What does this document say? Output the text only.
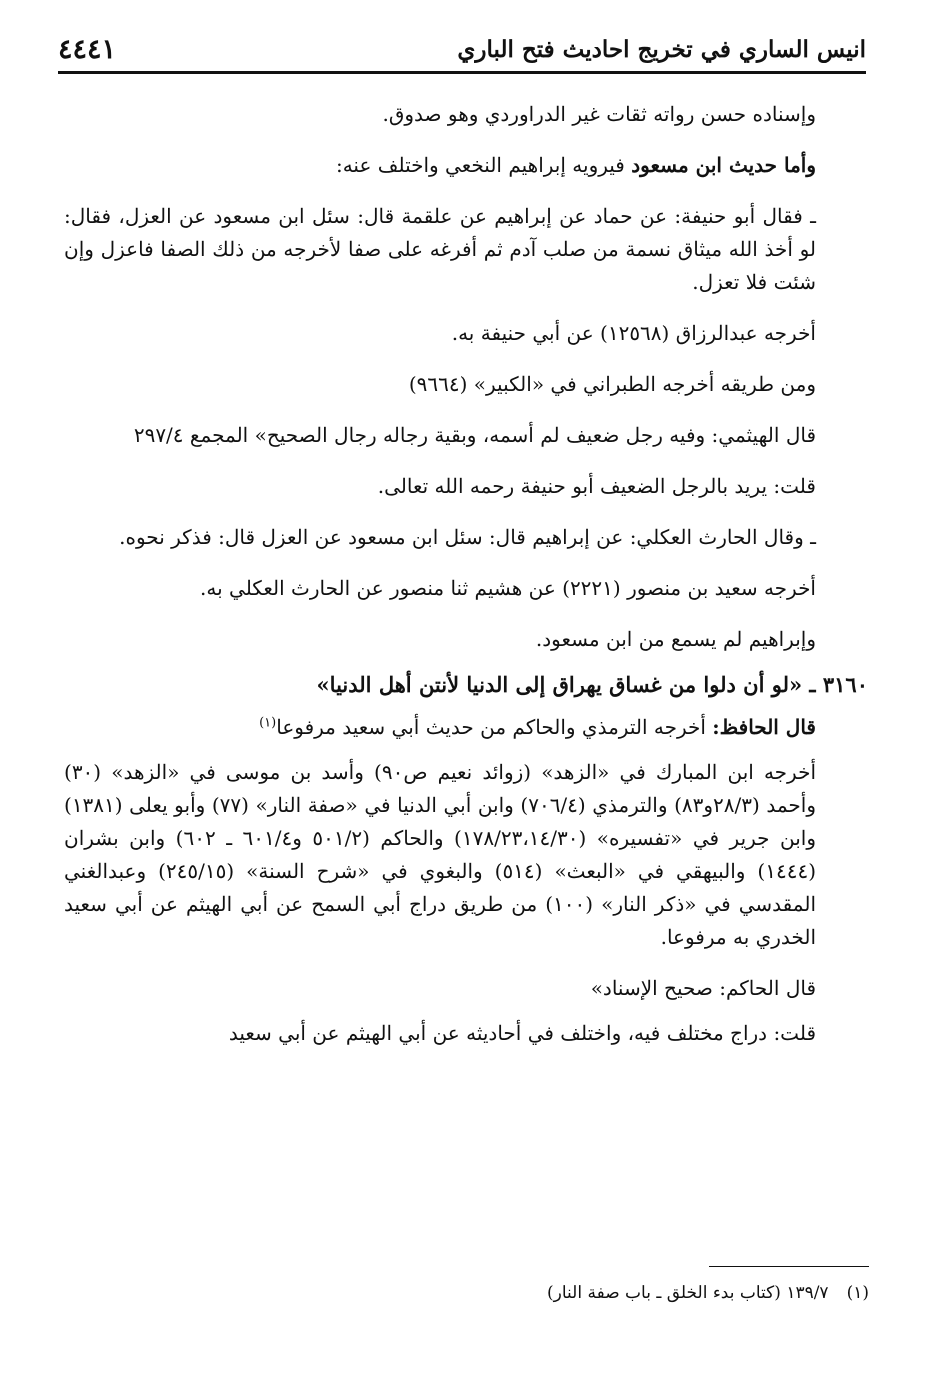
انيس الساري في تخريج احاديث فتح الباري
٤٤٤١

وإسناده حسن رواته ثقات غير الدراوردي وهو صدوق.

وأما حديث ابن مسعود فيرويه إبراهيم النخعي واختلف عنه:

ـ فقال أبو حنيفة: عن حماد عن إبراهيم عن علقمة قال: سئل ابن مسعود عن العزل، فقال: لو أخذ الله ميثاق نسمة من صلب آدم ثم أفرغه على صفا لأخرجه من ذلك الصفا فاعزل وإن شئت فلا تعزل.

أخرجه عبدالرزاق (١٢٥٦٨) عن أبي حنيفة به.

ومن طريقه أخرجه الطبراني في «الكبير» (٩٦٦٤)

قال الهيثمي: وفيه رجل ضعيف لم أسمه، وبقية رجاله رجال الصحيح» المجمع ٢٩٧/٤

قلت: يريد بالرجل الضعيف أبو حنيفة رحمه الله تعالى.

ـ وقال الحارث العكلي: عن إبراهيم قال: سئل ابن مسعود عن العزل قال: فذكر نحوه.

أخرجه سعيد بن منصور (٢٢٢١) عن هشيم ثنا منصور عن الحارث العكلي به.

وإبراهيم لم يسمع من ابن مسعود.

٣١٦٠ ـ «لو أن دلوا من غساق يهراق إلى الدنيا لأنتن أهل الدنيا»

قال الحافظ: أخرجه الترمذي والحاكم من حديث أبي سعيد مرفوعا$^{(١)}$

أخرجه ابن المبارك في «الزهد» (زوائد نعيم ص٩٠) وأسد بن موسى في «الزهد» (٣٠) وأحمد (٢٨/٣و٨٣) والترمذي (٧٠٦/٤) وابن أبي الدنيا في «صفة النار» (٧٧) وأبو يعلى (١٣٨١) وابن جرير في «تفسيره» (١٧٨/٢٣،١٤/٣٠) والحاكم (٥٠١/٢ و٦٠١/٤ ـ ٦٠٢) وابن بشران (١٤٤٤) والبيهقي في «البعث» (٥١٤) والبغوي في «شرح السنة» (٢٤٥/١٥) وعبدالغني المقدسي في «ذكر النار» (١٠٠) من طريق دراج أبي السمح عن أبي الهيثم عن أبي سعيد الخدري به مرفوعا.

قال الحاكم: صحيح الإسناد»

قلت: دراج مختلف فيه، واختلف في أحاديثه عن أبي الهيثم عن أبي سعيد

(١)١٣٩/٧ (كتاب بدء الخلق ـ باب صفة النار)
